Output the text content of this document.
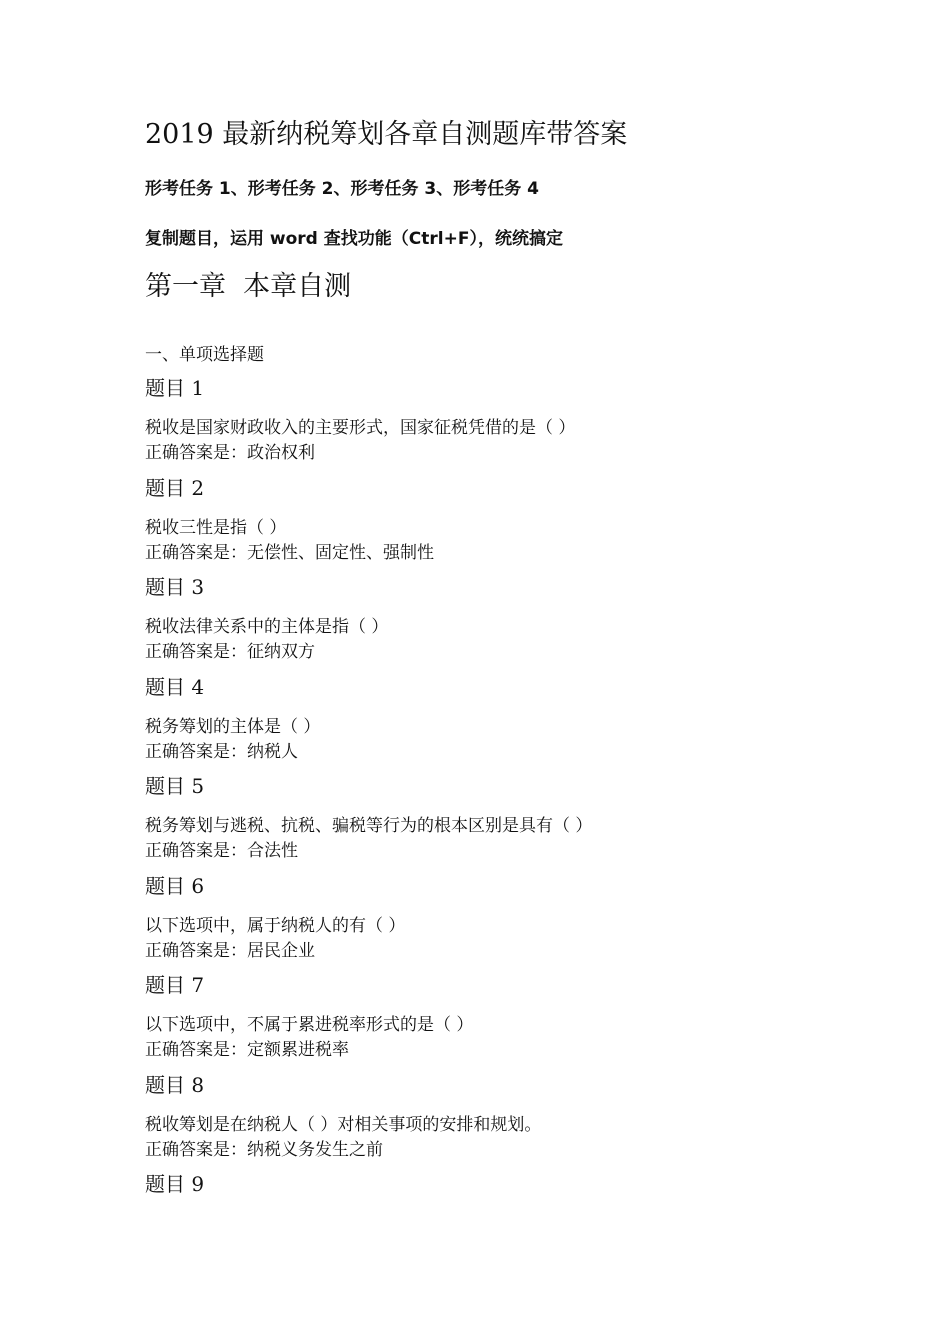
2019 最新纳税筹划各章自测题库带答案

形考任务 1、形考任务 2、形考任务 3、形考任务 4

复制题目，运用 word 查找功能（Ctrl+F），统统搞定

第一章  本章自测

一、单项选择题

题目 1
税收是国家财政收入的主要形式，国家征税凭借的是（ ）
正确答案是：政治权利
题目 2
税收三性是指（ ）
正确答案是：无偿性、固定性、强制性
题目 3
税收法律关系中的主体是指（ ）
正确答案是：征纳双方
题目 4
税务筹划的主体是（ ）
正确答案是：纳税人
题目 5
税务筹划与逃税、抗税、骗税等行为的根本区别是具有（ ）
正确答案是：合法性
题目 6
以下选项中，属于纳税人的有（ ）
正确答案是：居民企业
题目 7
以下选项中，不属于累进税率形式的是（ ）
正确答案是：定额累进税率
题目 8
税收筹划是在纳税人（ ）对相关事项的安排和规划。
正确答案是：纳税义务发生之前
题目 9
